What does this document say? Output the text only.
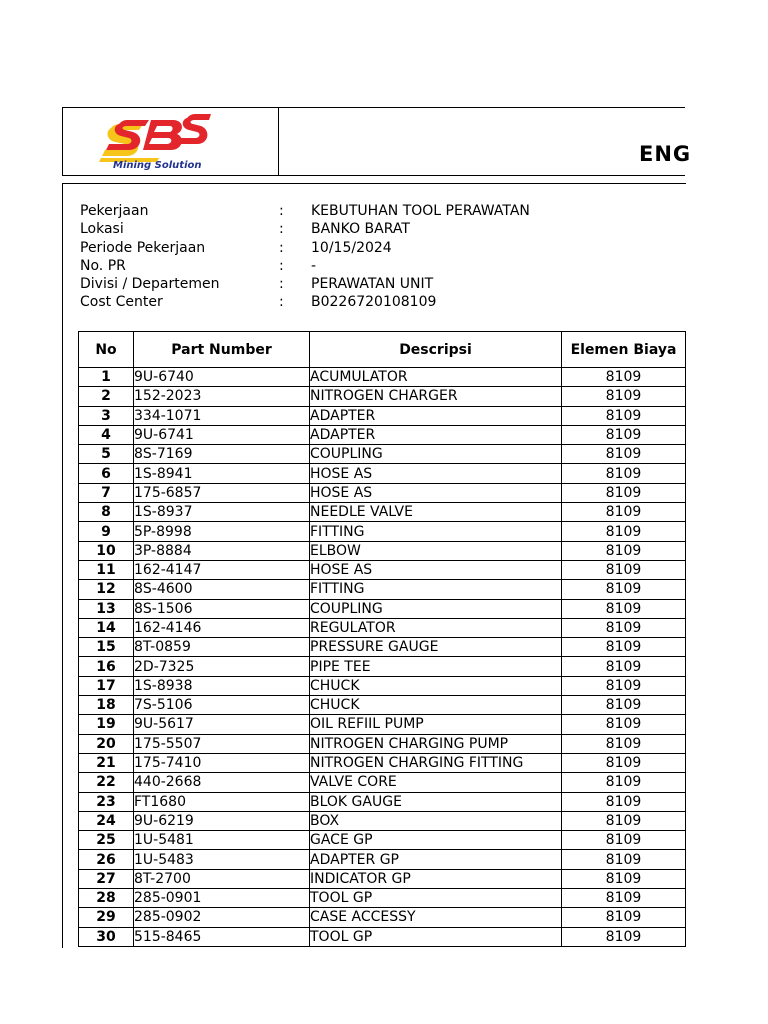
Mining Solution	ENG
Pekerjaan	: KEBUTUHAN TOOL PERAWATAN
Lokasi	: BANKO BARAT
Periode Pekerjaan	: 10/15/2024
No. PR	: -
Divisi / Departemen	: PERAWATAN UNIT
Cost Center	: B0226720108109
No	Part Number	Descripsi	Elemen Biaya
1	9U-6740	ACUMULATOR	8109
2	152-2023	NITROGEN CHARGER	8109
3	334-1071	ADAPTER	8109
4	9U-6741	ADAPTER	8109
5	8S-7169	COUPLING	8109
6	1S-8941	HOSE AS	8109
7	175-6857	HOSE AS	8109
8	1S-8937	NEEDLE VALVE	8109
9	5P-8998	FITTING	8109
10	3P-8884	ELBOW	8109
11	162-4147	HOSE AS	8109
12	8S-4600	FITTING	8109
13	8S-1506	COUPLING	8109
14	162-4146	REGULATOR	8109
15	8T-0859	PRESSURE GAUGE	8109
16	2D-7325	PIPE TEE	8109
17	1S-8938	CHUCK	8109
18	7S-5106	CHUCK	8109
19	9U-5617	OIL REFIIL PUMP	8109
20	175-5507	NITROGEN CHARGING PUMP	8109
21	175-7410	NITROGEN CHARGING FITTING	8109
22	440-2668	VALVE CORE	8109
23	FT1680	BLOK GAUGE	8109
24	9U-6219	BOX	8109
25	1U-5481	GACE GP	8109
26	1U-5483	ADAPTER GP	8109
27	8T-2700	INDICATOR GP	8109
28	285-0901	TOOL GP	8109
29	285-0902	CASE ACCESSY	8109
30	515-8465	TOOL GP	8109
